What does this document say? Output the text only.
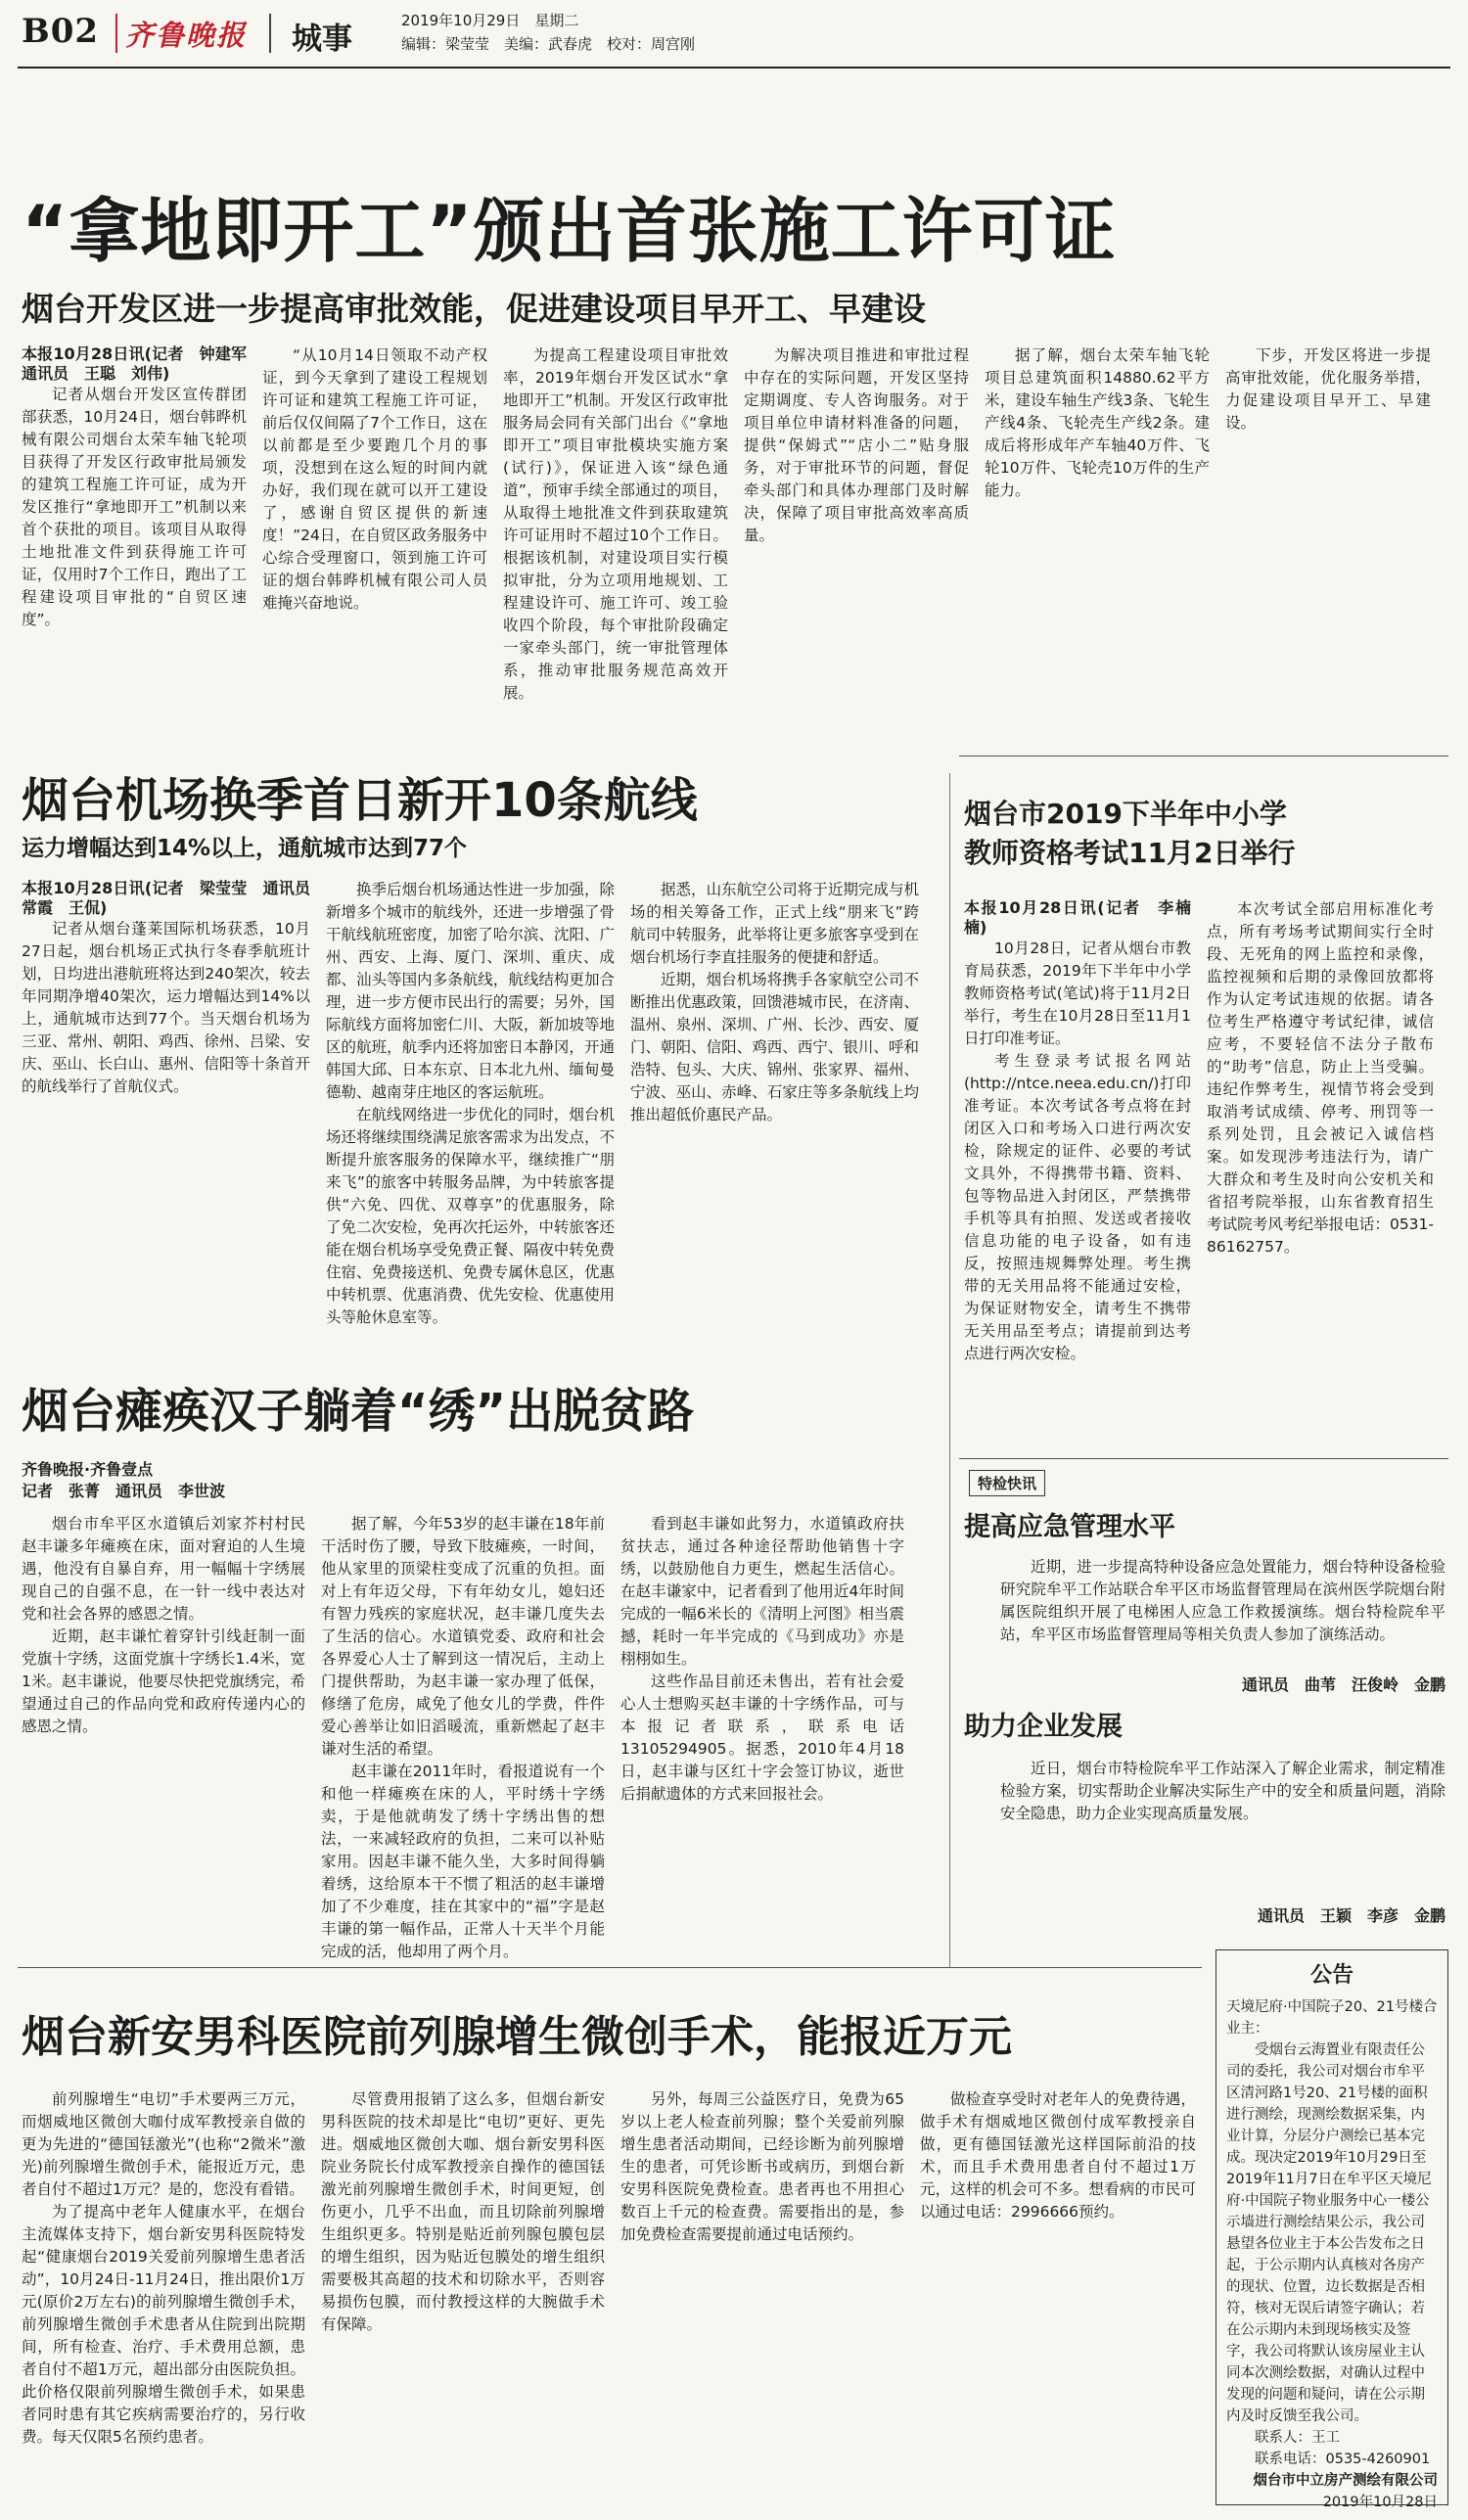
B02 齐鲁晚报 城事
2019年10月29日　星期二
编辑：梁莹莹　美编：武春虎　校对：周宫刚
“拿地即开工”颁出首张施工许可证
烟台开发区进一步提高审批效能，促进建设项目早开工、早建设

本报10月28日讯(记者　钟建军　通讯员　王聪　刘伟)

记者从烟台开发区宣传群团部获悉，10月24日，烟台韩晔机械有限公司烟台太荣车轴飞轮项目获得了开发区行政审批局颁发的建筑工程施工许可证，成为开发区推行“拿地即开工”机制以来首个获批的项目。该项目从取得土地批准文件到获得施工许可证，仅用时7个工作日，跑出了工程建设项目审批的“自贸区速度”。

“从10月14日领取不动产权证，到今天拿到了建设工程规划许可证和建筑工程施工许可证，前后仅仅间隔了7个工作日，这在以前都是至少要跑几个月的事项，没想到在这么短的时间内就办好，我们现在就可以开工建设了，感谢自贸区提供的新速度！”24日，在自贸区政务服务中心综合受理窗口，领到施工许可证的烟台韩晔机械有限公司人员难掩兴奋地说。

为提高工程建设项目审批效率，2019年烟台开发区试水“拿地即开工”机制。开发区行政审批服务局会同有关部门出台《“拿地即开工”项目审批模块实施方案(试行)》，保证进入该“绿色通道”，预审手续全部通过的项目，从取得土地批准文件到获取建筑许可证用时不超过10个工作日。根据该机制，对建设项目实行模拟审批，分为立项用地规划、工程建设许可、施工许可、竣工验收四个阶段，每个审批阶段确定一家牵头部门，统一审批管理体系，推动审批服务规范高效开展。

为解决项目推进和审批过程中存在的实际问题，开发区坚持定期调度、专人咨询服务。对于项目单位申请材料准备的问题，提供“保姆式”“店小二”贴身服务，对于审批环节的问题，督促牵头部门和具体办理部门及时解决，保障了项目审批高效率高质量。

据了解，烟台太荣车轴飞轮项目总建筑面积14880.62平方米，建设车轴生产线3条、飞轮生产线4条、飞轮壳生产线2条。建成后将形成年产车轴40万件、飞轮10万件、飞轮壳10万件的生产能力。

下步，开发区将进一步提高审批效能，优化服务举措，力促建设项目早开工、早建设。

烟台机场换季首日新开10条航线
运力增幅达到14%以上，通航城市达到77个

本报10月28日讯(记者　梁莹莹　通讯员　常霞　王侃)

记者从烟台蓬莱国际机场获悉，10月27日起，烟台机场正式执行冬春季航班计划，日均进出港航班将达到240架次，较去年同期净增40架次，运力增幅达到14%以上，通航城市达到77个。当天烟台机场为三亚、常州、朝阳、鸡西、徐州、吕梁、安庆、巫山、长白山、惠州、信阳等十条首开的航线举行了首航仪式。

换季后烟台机场通达性进一步加强，除新增多个城市的航线外，还进一步增强了骨干航线航班密度，加密了哈尔滨、沈阳、广州、西安、上海、厦门、深圳、重庆、成都、汕头等国内多条航线，航线结构更加合理，进一步方便市民出行的需要；另外，国际航线方面将加密仁川、大阪，新加坡等地区的航班，航季内还将加密日本静冈，开通韩国大邱、日本东京、日本北九州、缅甸曼德勒、越南芽庄地区的客运航班。

在航线网络进一步优化的同时，烟台机场还将继续围绕满足旅客需求为出发点，不断提升旅客服务的保障水平，继续推广“朋来飞”的旅客中转服务品牌，为中转旅客提供“六免、四优、双尊享”的优惠服务，除了免二次安检，免再次托运外，中转旅客还能在烟台机场享受免费正餐、隔夜中转免费住宿、免费接送机、免费专属休息区，优惠中转机票、优惠消费、优先安检、优惠使用头等舱休息室等。

据悉，山东航空公司将于近期完成与机场的相关筹备工作，正式上线“朋来飞”跨航司中转服务，此举将让更多旅客享受到在烟台机场行李直挂服务的便捷和舒适。

近期，烟台机场将携手各家航空公司不断推出优惠政策，回馈港城市民，在济南、温州、泉州、深圳、广州、长沙、西安、厦门、朝阳、信阳、鸡西、西宁、银川、呼和浩特、包头、大庆、锦州、张家界、福州、宁波、巫山、赤峰、石家庄等多条航线上均推出超低价惠民产品。

烟台市2019下半年中小学
教师资格考试11月2日举行

本报10月28日讯(记者　李楠楠)

10月28日，记者从烟台市教育局获悉，2019年下半年中小学教师资格考试(笔试)将于11月2日举行，考生在10月28日至11月1日打印准考证。

考生登录考试报名网站(http://ntce.neea.edu.cn/)打印准考证。本次考试各考点将在封闭区入口和考场入口进行两次安检，除规定的证件、必要的考试文具外，不得携带书籍、资料、包等物品进入封闭区，严禁携带手机等具有拍照、发送或者接收信息功能的电子设备，如有违反，按照违规舞弊处理。考生携带的无关用品将不能通过安检，为保证财物安全，请考生不携带无关用品至考点；请提前到达考点进行两次安检。

本次考试全部启用标准化考点，所有考场考试期间实行全时段、无死角的网上监控和录像，监控视频和后期的录像回放都将作为认定考试违规的依据。请各位考生严格遵守考试纪律，诚信应考，不要轻信不法分子散布的“助考”信息，防止上当受骗。违纪作弊考生，视情节将会受到取消考试成绩、停考、刑罚等一系列处罚，且会被记入诚信档案。如发现涉考违法行为，请广大群众和考生及时向公安机关和省招考院举报，山东省教育招生考试院考风考纪举报电话：0531-86162757。

烟台瘫痪汉子躺着“绣”出脱贫路
齐鲁晚报·齐鲁壹点
记者　张菁　通讯员　李世波

烟台市牟平区水道镇后刘家芥村村民赵丰谦多年瘫痪在床，面对窘迫的人生境遇，他没有自暴自弃，用一幅幅十字绣展现自己的自强不息，在一针一线中表达对党和社会各界的感恩之情。

近期，赵丰谦忙着穿针引线赶制一面党旗十字绣，这面党旗十字绣长1.4米，宽1米。赵丰谦说，他要尽快把党旗绣完，希望通过自己的作品向党和政府传递内心的感恩之情。

据了解，今年53岁的赵丰谦在18年前干活时伤了腰，导致下肢瘫痪，一时间，他从家里的顶梁柱变成了沉重的负担。面对上有年迈父母，下有年幼女儿，媳妇还有智力残疾的家庭状况，赵丰谦几度失去了生活的信心。水道镇党委、政府和社会各界爱心人士了解到这一情况后，主动上门提供帮助，为赵丰谦一家办理了低保，修缮了危房，咸免了他女儿的学费，件件爱心善举让如旧滔暖流，重新燃起了赵丰谦对生活的希望。

赵丰谦在2011年时，看报道说有一个和他一样瘫痪在床的人，平时绣十字绣卖，于是他就萌发了绣十字绣出售的想法，一来减轻政府的负担，二来可以补贴家用。因赵丰谦不能久坐，大多时间得躺着绣，这给原本干不惯了粗活的赵丰谦增加了不少难度，挂在其家中的“福”字是赵丰谦的第一幅作品，正常人十天半个月能完成的活，他却用了两个月。

看到赵丰谦如此努力，水道镇政府扶贫扶志，通过各种途径帮助他销售十字绣，以鼓励他自力更生，燃起生活信心。在赵丰谦家中，记者看到了他用近4年时间完成的一幅6米长的《清明上河图》相当震撼，耗时一年半完成的《马到成功》亦是栩栩如生。

这些作品目前还未售出，若有社会爱心人士想购买赵丰谦的十字绣作品，可与本报记者联系，联系电话13105294905。据悉，2010年4月18日，赵丰谦与区红十字会签订协议，逝世后捐献遗体的方式来回报社会。

特检快讯
提高应急管理水平

近期，进一步提高特种设备应急处置能力，烟台特种设备检验研究院牟平工作站联合牟平区市场监督管理局在滨州医学院烟台附属医院组织开展了电梯困人应急工作救援演练。烟台特检院牟平站，牟平区市场监督管理局等相关负责人参加了演练活动。

通讯员　曲苇　汪俊岭　金鹏
助力企业发展

近日，烟台市特检院牟平工作站深入了解企业需求，制定精准检验方案，切实帮助企业解决实际生产中的安全和质量问题，消除安全隐患，助力企业实现高质量发展。

通讯员　王颖　李彦　金鹏
公告

天境尼府·中国院子20、21号楼合业主：

受烟台云海置业有限责任公司的委托，我公司对烟台市牟平区清河路1号20、21号楼的面积进行测绘，现测绘数据采集，内业计算，分层分户测绘已基本完成。现决定2019年10月29日至2019年11月7日在牟平区天境尼府·中国院子物业服务中心一楼公示墙进行测绘结果公示，我公司悬望各位业主于本公告发布之日起，于公示期内认真核对各房产的现状、位置，边长数据是否相符，核对无误后请签字确认；若在公示期内未到现场核实及签字，我公司将默认该房屋业主认同本次测绘数据，对确认过程中发现的问题和疑问，请在公示期内及时反馈至我公司。

联系人：王工

联系电话：0535-4260901

烟台市中立房产测绘有限公司
2019年10月28日
烟台新安男科医院前列腺增生微创手术，能报近万元

前列腺增生“电切”手术要两三万元，而烟威地区微创大咖付成军教授亲自做的更为先进的“德国铥激光”(也称“2微米”激光)前列腺增生微创手术，能报近万元，患者自付不超过1万元？是的，您没有看错。

为了提高中老年人健康水平，在烟台主流媒体支持下，烟台新安男科医院特发起“健康烟台2019关爱前列腺增生患者活动”，10月24日-11月24日，推出限价1万元(原价2万左右)的前列腺增生微创手术，前列腺增生微创手术患者从住院到出院期间，所有检查、治疗、手术费用总额，患者自付不超1万元，超出部分由医院负担。此价格仅限前列腺增生微创手术，如果患者同时患有其它疾病需要治疗的，另行收费。每天仅限5名预约患者。

尽管费用报销了这么多，但烟台新安男科医院的技术却是比“电切”更好、更先进。烟威地区微创大咖、烟台新安男科医院业务院长付成军教授亲自操作的德国铥激光前列腺增生微创手术，时间更短，创伤更小，几乎不出血，而且切除前列腺增生组织更多。特别是贴近前列腺包膜包层的增生组织，因为贴近包膜处的增生组织需要极其高超的技术和切除水平，否则容易损伤包膜，而付教授这样的大腕做手术有保障。

另外，每周三公益医疗日，免费为65岁以上老人检查前列腺；整个关爱前列腺增生患者活动期间，已经诊断为前列腺增生的患者，可凭诊断书或病历，到烟台新安男科医院免费检查。患者再也不用担心数百上千元的检查费。需要指出的是，参加免费检查需要提前通过电话预约。

做检查享受时对老年人的免费待遇，做手术有烟威地区微创付成军教授亲自做，更有德国铥激光这样国际前沿的技术，而且手术费用患者自付不超过1万元，这样的机会可不多。想看病的市民可以通过电话：2996666预约。
